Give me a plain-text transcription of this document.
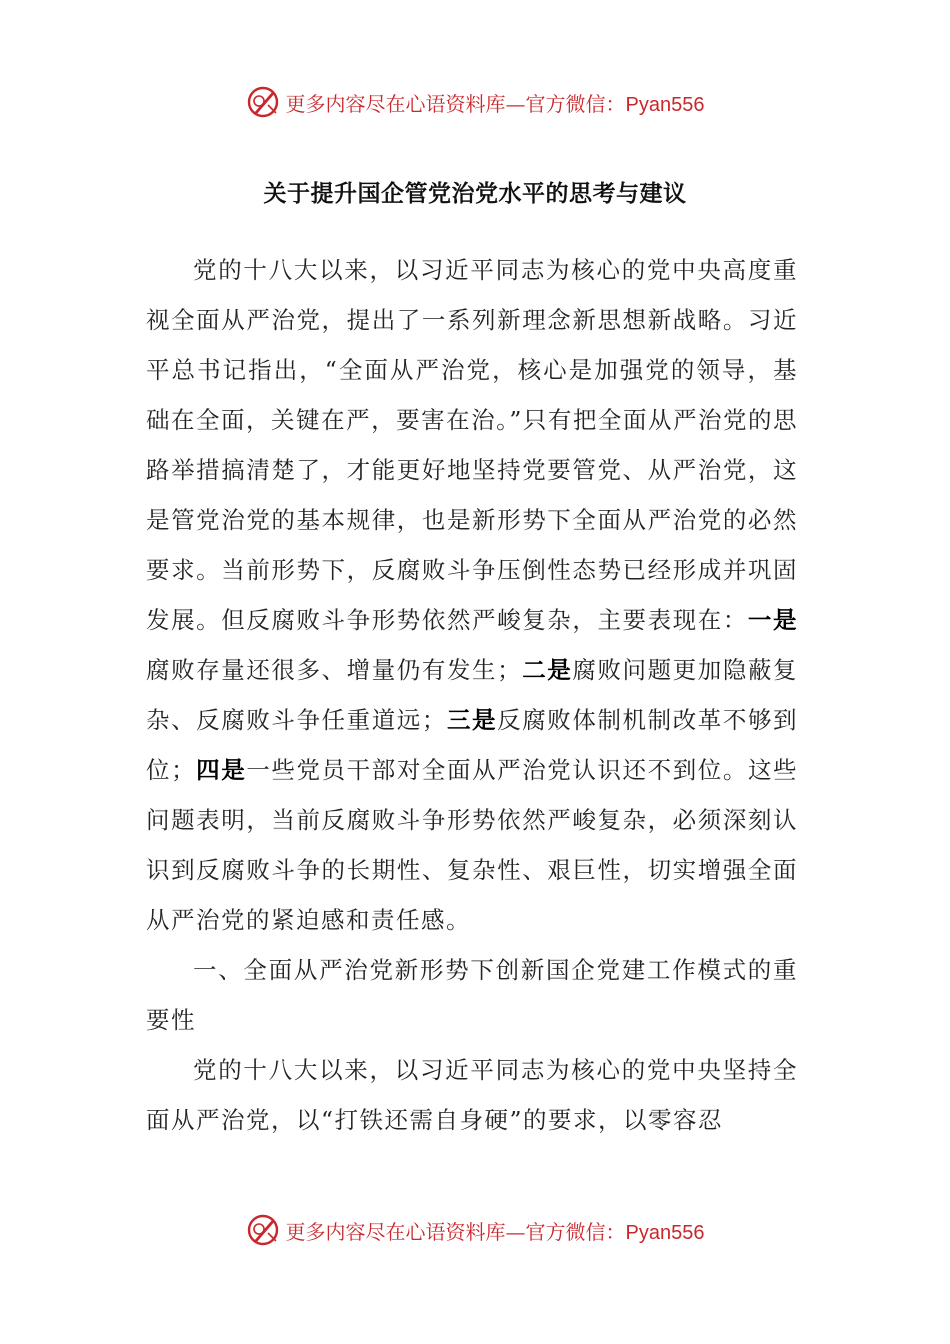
更多内容尽在心语资料库—官方微信：Pyan556
关于提升国企管党治党水平的思考与建议

党的十八大以来，以习近平同志为核心的党中央高度重视全面从严治党，提出了一系列新理念新思想新战略。习近平总书记指出，“全面从严治党，核心是加强党的领导，基础在全面，关键在严，要害在治。”只有把全面从严治党的思路举措搞清楚了，才能更好地坚持党要管党、从严治党，这是管党治党的基本规律，也是新形势下全面从严治党的必然要求。当前形势下，反腐败斗争压倒性态势已经形成并巩固发展。但反腐败斗争形势依然严峻复杂，主要表现在：一是腐败存量还很多、增量仍有发生；二是腐败问题更加隐蔽复杂、反腐败斗争任重道远；三是反腐败体制机制改革不够到位；四是一些党员干部对全面从严治党认识还不到位。这些问题表明，当前反腐败斗争形势依然严峻复杂，必须深刻认识到反腐败斗争的长期性、复杂性、艰巨性，切实增强全面从严治党的紧迫感和责任感。

一、全面从严治党新形势下创新国企党建工作模式的重要性

党的十八大以来，以习近平同志为核心的党中央坚持全面从严治党，以“打铁还需自身硬”的要求，以零容忍

更多内容尽在心语资料库—官方微信：Pyan556
